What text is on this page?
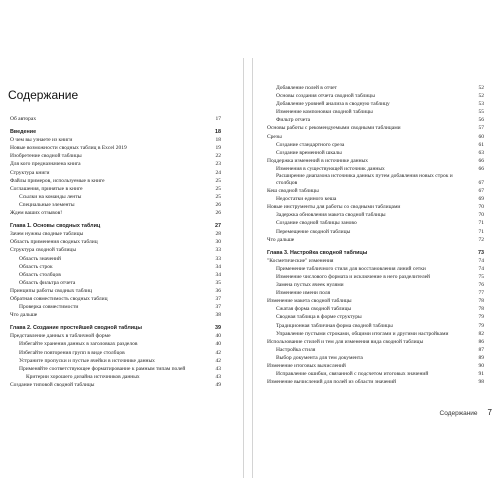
Содержание
Об авторах	17
Введение	18
О чем вы узнаете из книги	18
Новые возможности сводных таблиц в Excel 2019	19
Изобретение сводной таблицы	22
Для кого предназначена книга	23
Структура книги	24
Файлы примеров, используемые в книге	25
Соглашения, принятые в книге	25
Ссылки на команды ленты	25
Специальные элементы	26
Ждем ваших отзывов!	26
Глава 1. Основы сводных таблиц	27
Зачем нужны сводные таблицы	28
Область применения сводных таблиц	30
Структура сводной таблицы	33
Область значений	33
Область строк	34
Область столбцов	34
Область фильтра отчета	35
Принципы работы сводных таблиц	36
Обратная совместимость сводных таблиц	37
Проверка совместимости	37
Что дальше	38
Глава 2. Создание простейшей сводной таблицы	39
Представление данных в табличной форме	40
Избегайте хранения данных в заголовках разделов	40
Избегайте повторения групп в виде столбцов	42
Устраните пропуски и пустые ячейки в источнике данных	42
Применяйте соответствующее форматирование к рамным типам полей	43
Критерии хорошего дизайна источников данных	43
Создание типовой сводной таблицы	49
Добавление полей в отчет	52
Основы создания отчета сводной таблицы	52
Добавление уровней анализа в сводную таблицу	53
Изменение компоновки сводной таблицы	55
Фильтр отчета	56
Основы работы с рекомендуемыми сводными таблицами	57
Срезы	60
Создание стандартного среза	61
Создание временной шкалы	63
Поддержка изменений в источнике данных	66
Изменения в существующей источник данных	66
Расширение диапазона источника данных путем добавления новых строк и столбцов	67
Кеш сводной таблицы	67
Недостатки единого кеша	69
Новые инструменты для работы со сводными таблицами	70
Задержка обновления макета сводной таблицы	70
Создание сводной таблицы заново	71
Перемещение сводной таблицы	71
Что дальше	72
Глава 3. Настройка сводной таблицы	73
"Косметические" изменения	74
Применение табличного стиля для восстановления линий сетки	74
Изменение числового формата и исключение в него разделителей	75
Замена пустых ячеек нулями	76
Изменение имени поля	77
Изменение макета сводной таблицы	78
Сжатая форма сводной таблицы	78
Сводная таблица в форме структуры	79
Традиционная табличная форма сводной таблицы	79
Управление пустыми строками, общими итогами и другими настройками	82
Использование стилей и тем для изменения вида сводной таблицы	86
Настройка стиля	87
Выбор документа для тем документа	89
Изменение итоговых вычислений	90
Исправление ошибки, связанной с подсчетом итоговых значений	91
Изменение вычислений для полей из области значений	98
Содержание 7
